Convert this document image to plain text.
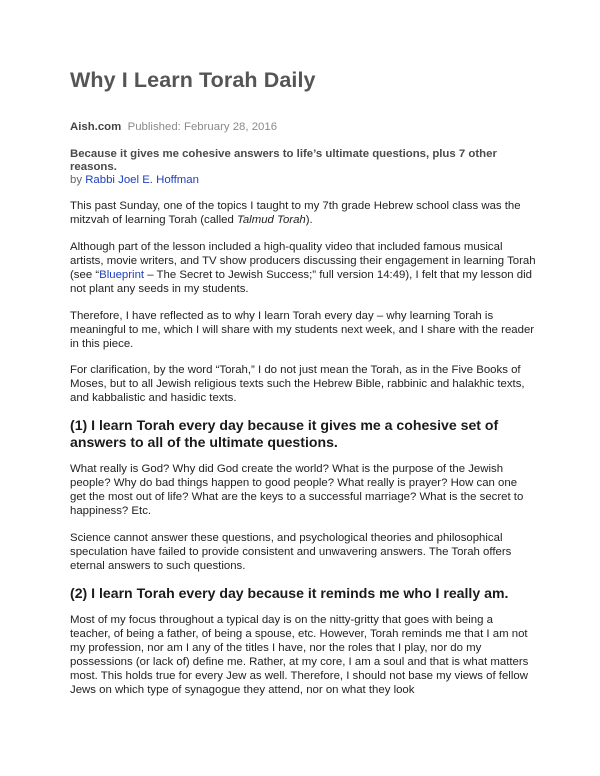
Why I Learn Torah Daily
Aish.com Published: February 28, 2016

Because it gives me cohesive answers to life’s ultimate questions, plus 7 other reasons.

by Rabbi Joel E. Hoffman

This past Sunday, one of the topics I taught to my 7th grade Hebrew school class was the mitzvah of learning Torah (called Talmud Torah).

Although part of the lesson included a high-quality video that included famous musical artists, movie writers, and TV show producers discussing their engagement in learning Torah (see “Blueprint – The Secret to Jewish Success;” full version 14:49), I felt that my lesson did not plant any seeds in my students.

Therefore, I have reflected as to why I learn Torah every day – why learning Torah is meaningful to me, which I will share with my students next week, and I share with the reader in this piece.

For clarification, by the word “Torah,” I do not just mean the Torah, as in the Five Books of Moses, but to all Jewish religious texts such the Hebrew Bible, rabbinic and halakhic texts, and kabbalistic and hasidic texts.

(1) I learn Torah every day because it gives me a cohesive set of answers to all of the ultimate questions.

What really is God? Why did God create the world? What is the purpose of the Jewish people? Why do bad things happen to good people? What really is prayer? How can one get the most out of life? What are the keys to a successful marriage? What is the secret to happiness? Etc.

Science cannot answer these questions, and psychological theories and philosophical speculation have failed to provide consistent and unwavering answers. The Torah offers eternal answers to such questions.

(2) I learn Torah every day because it reminds me who I really am.

Most of my focus throughout a typical day is on the nitty-gritty that goes with being a teacher, of being a father, of being a spouse, etc. However, Torah reminds me that I am not my profession, nor am I any of the titles I have, nor the roles that I play, nor do my possessions (or lack of) define me. Rather, at my core, I am a soul and that is what matters most. This holds true for every Jew as well. Therefore, I should not base my views of fellow Jews on which type of synagogue they attend, nor on what they look
